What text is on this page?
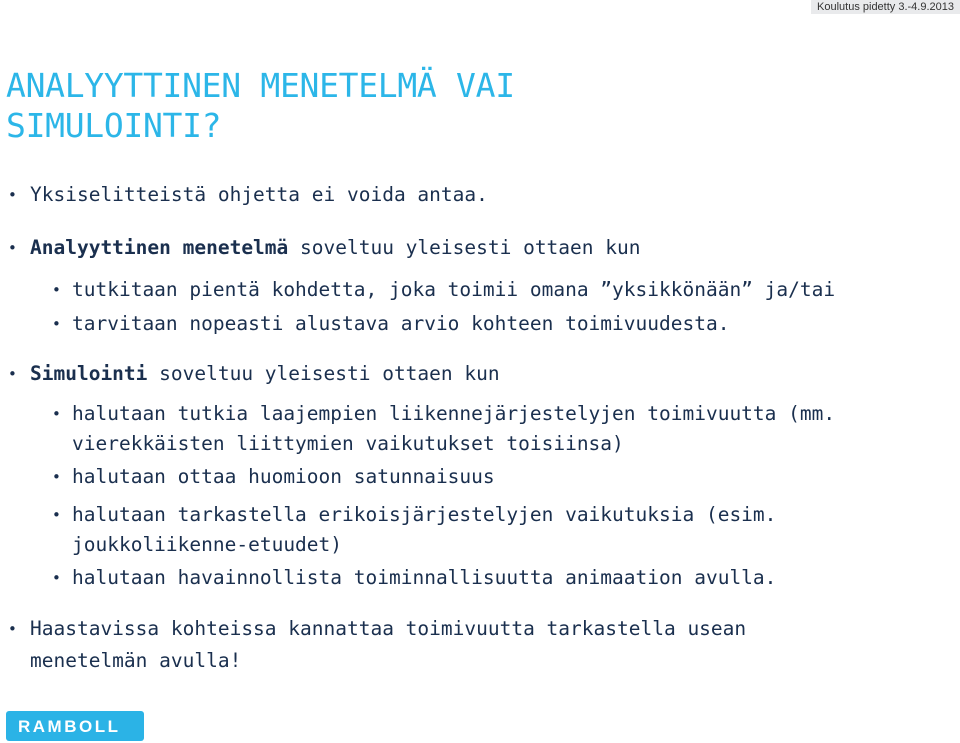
Koulutus pidetty 3.-4.9.2013
ANALYYTTINEN MENETELMÄ VAI
SIMULOINTI?
• Yksiselitteistä ohjetta ei voida antaa.
• Analyyttinen menetelmä soveltuu yleisesti ottaen kun
• tutkitaan pientä kohdetta, joka toimii omana ”yksikkönään” ja/tai
• tarvitaan nopeasti alustava arvio kohteen toimivuudesta.
• Simulointi soveltuu yleisesti ottaen kun
• halutaan tutkia laajempien liikennejärjestelyjen toimivuutta (mm.
vierekkäisten liittymien vaikutukset toisiinsa)
• halutaan ottaa huomioon satunnaisuus
• halutaan tarkastella erikoisjärjestelyjen vaikutuksia (esim.
joukkoliikenne-etuudet)
• halutaan havainnollista toiminnallisuutta animaation avulla.
• Haastavissa kohteissa kannattaa toimivuutta tarkastella usean
menetelmän avulla!
RAMBOLL
